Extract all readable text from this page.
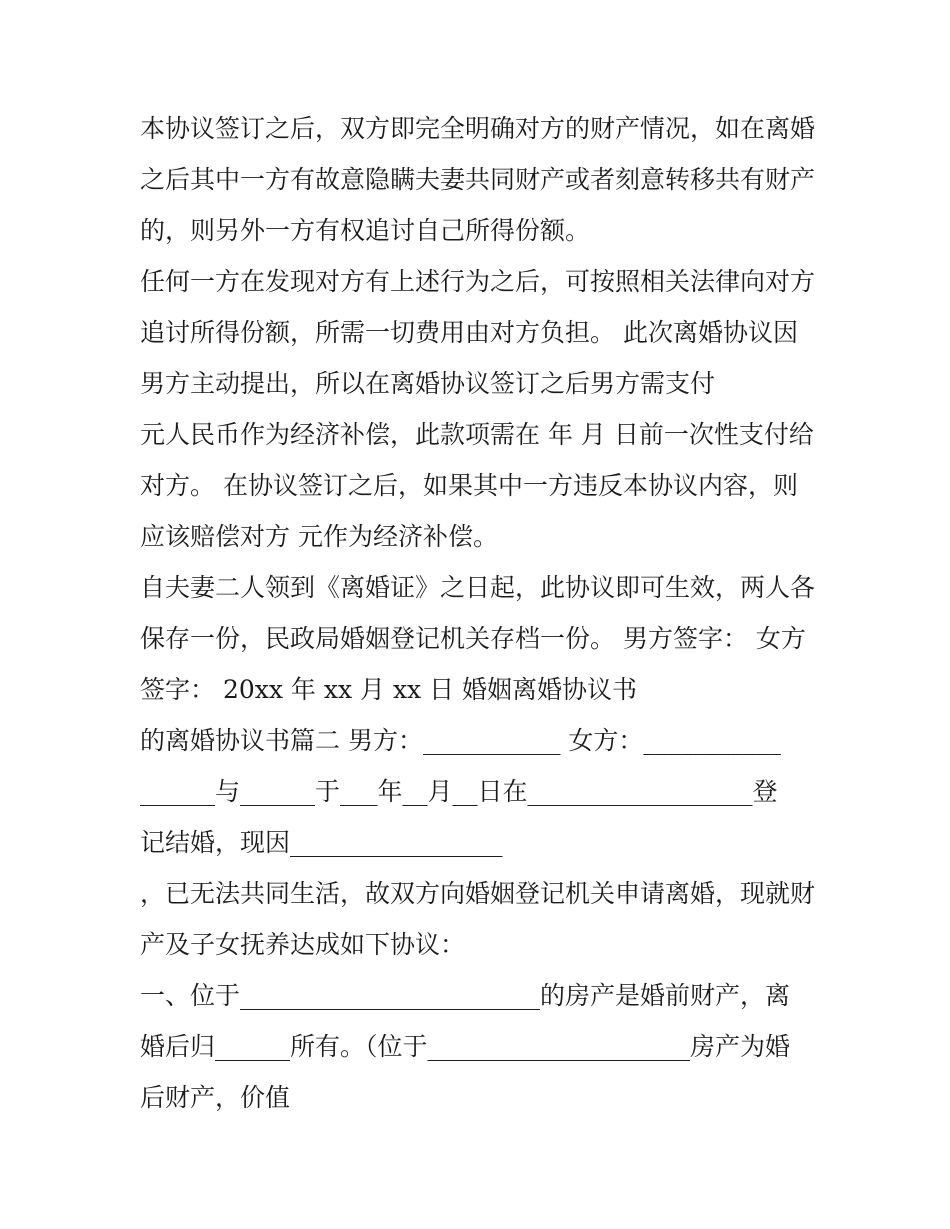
本协议签订之后，双方即完全明确对方的财产情况，如在离婚
之后其中一方有故意隐瞒夫妻共同财产或者刻意转移共有财产
的，则另外一方有权追讨自己所得份额。
任何一方在发现对方有上述行为之后，可按照相关法律向对方
追讨所得份额，所需一切费用由对方负担。 此次离婚协议因
男方主动提出，所以在离婚协议签订之后男方需支付
元人民币作为经济补偿，此款项需在 年 月 日前一次性支付给
对方。 在协议签订之后，如果其中一方违反本协议内容，则
应该赔偿对方 元作为经济补偿。
自夫妻二人领到《离婚证》之日起，此协议即可生效，两人各
保存一份，民政局婚姻登记机关存档一份。 男方签字： 女方
签字： 20xx 年 xx 月 xx 日 婚姻离婚协议书
的离婚协议书篇二 男方：___________ 女方：___________
______与______于___年__月__日在__________________登
记结婚，现因_________________
，已无法共同生活，故双方向婚姻登记机关申请离婚，现就财
产及子女抚养达成如下协议：
一、位于________________________的房产是婚前财产，离
婚后归______所有。（位于_____________________房产为婚
后财产，价值
